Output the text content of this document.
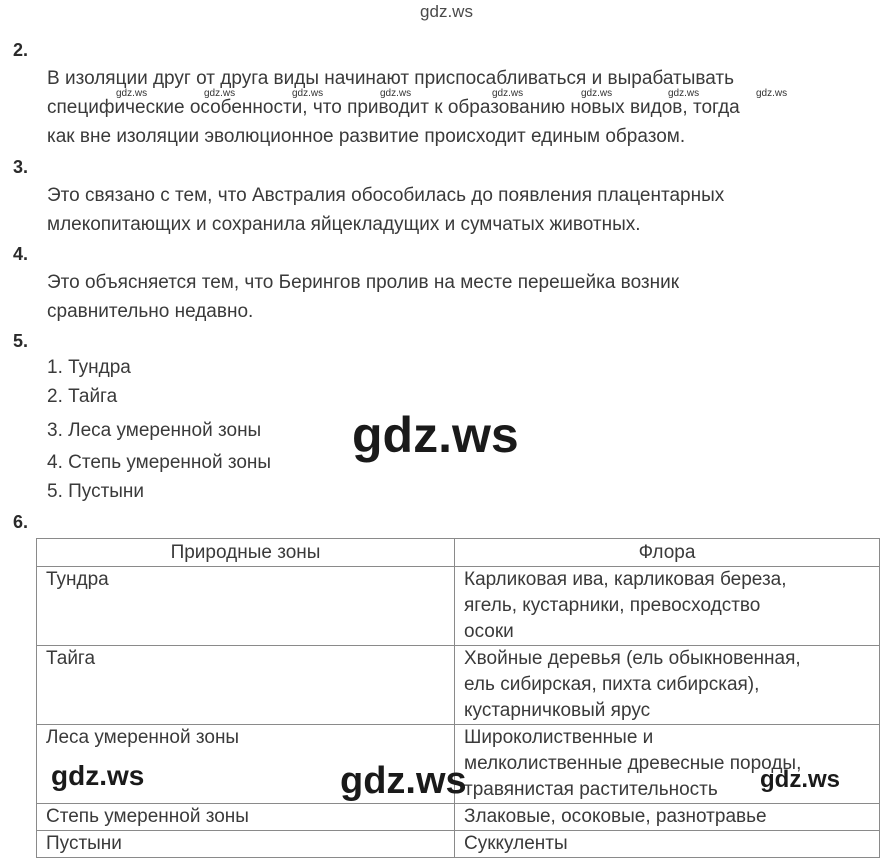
gdz.ws
2.
В изоляции друг от друга виды начинают приспосабливаться и вырабатывать
специфические особенности, что приводит к образованию новых видов, тогда
как вне изоляции эволюционное развитие происходит единым образом.
gdz.ws	gdz.ws	gdz.ws	gdz.ws	gdz.ws	gdz.ws	gdz.ws	gdz.ws
3.
Это связано с тем, что Австралия обособилась до появления плацентарных
млекопитающих и сохранила яйцекладущих и сумчатых животных.
4.
Это объясняется тем, что Берингов пролив на месте перешейка возник
сравнительно недавно.
5.
1. Тундра
2. Тайга
3. Леса умеренной зоны
4. Степь умеренной зоны
5. Пустыни
gdz.ws
6.
Природные зоны	Флора
Тундра	Карликовая ива, карликовая береза,
ягель, кустарники, превосходство
осоки

Тайга	Хвойные деревья (ель обыкновенная,
ель сибирская, пихта сибирская),
кустарничковый ярус

Леса умеренной зоны	Широколиственные и
мелколиственные древесные породы,
травянистая растительность

Степь умеренной зоны	Злаковые, осоковые, разнотравье

Пустыни	Суккуленты
gdz.ws	gdz.ws	gdz.ws
